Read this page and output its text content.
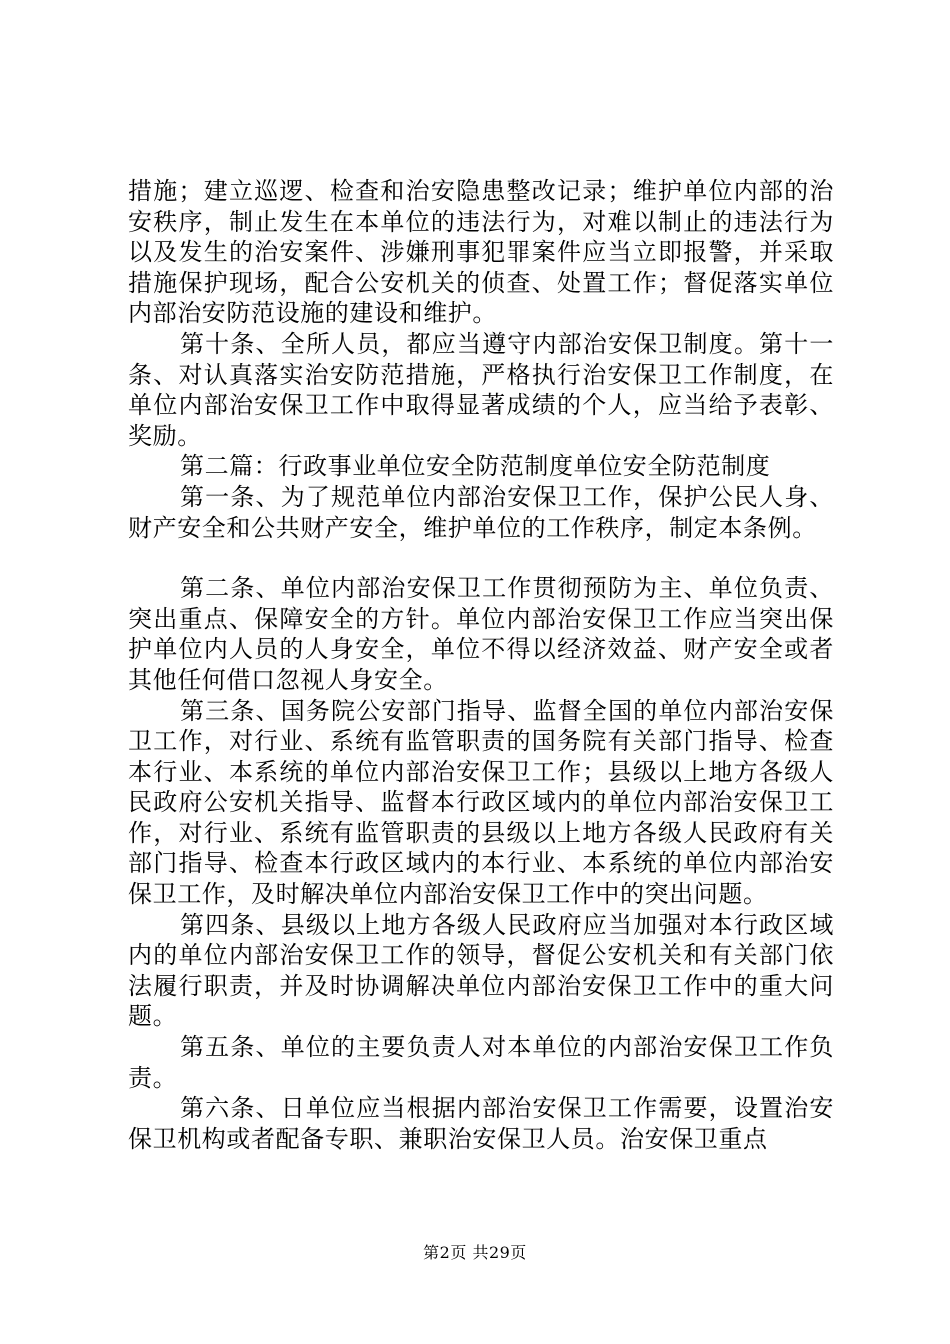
措施；建立巡逻、检查和治安隐患整改记录；维护单位内部的治安秩序，制止发生在本单位的违法行为，对难以制止的违法行为以及发生的治安案件、涉嫌刑事犯罪案件应当立即报警，并采取措施保护现场，配合公安机关的侦查、处置工作；督促落实单位内部治安防范设施的建设和维护。

第十条、全所人员，都应当遵守内部治安保卫制度。第十一条、对认真落实治安防范措施，严格执行治安保卫工作制度，在单位内部治安保卫工作中取得显著成绩的个人，应当给予表彰、奖励。

第二篇：行政事业单位安全防范制度单位安全防范制度

第一条、为了规范单位内部治安保卫工作，保护公民人身、财产安全和公共财产安全，维护单位的工作秩序，制定本条例。

第二条、单位内部治安保卫工作贯彻预防为主、单位负责、突出重点、保障安全的方针。单位内部治安保卫工作应当突出保护单位内人员的人身安全，单位不得以经济效益、财产安全或者其他任何借口忽视人身安全。

第三条、国务院公安部门指导、监督全国的单位内部治安保卫工作，对行业、系统有监管职责的国务院有关部门指导、检查本行业、本系统的单位内部治安保卫工作；县级以上地方各级人民政府公安机关指导、监督本行政区域内的单位内部治安保卫工作，对行业、系统有监管职责的县级以上地方各级人民政府有关部门指导、检查本行政区域内的本行业、本系统的单位内部治安保卫工作，及时解决单位内部治安保卫工作中的突出问题。

第四条、县级以上地方各级人民政府应当加强对本行政区域内的单位内部治安保卫工作的领导，督促公安机关和有关部门依法履行职责，并及时协调解决单位内部治安保卫工作中的重大问题。

第五条、单位的主要负责人对本单位的内部治安保卫工作负责。

第六条、日单位应当根据内部治安保卫工作需要，设置治安保卫机构或者配备专职、兼职治安保卫人员。治安保卫重点

第2页 共29页
